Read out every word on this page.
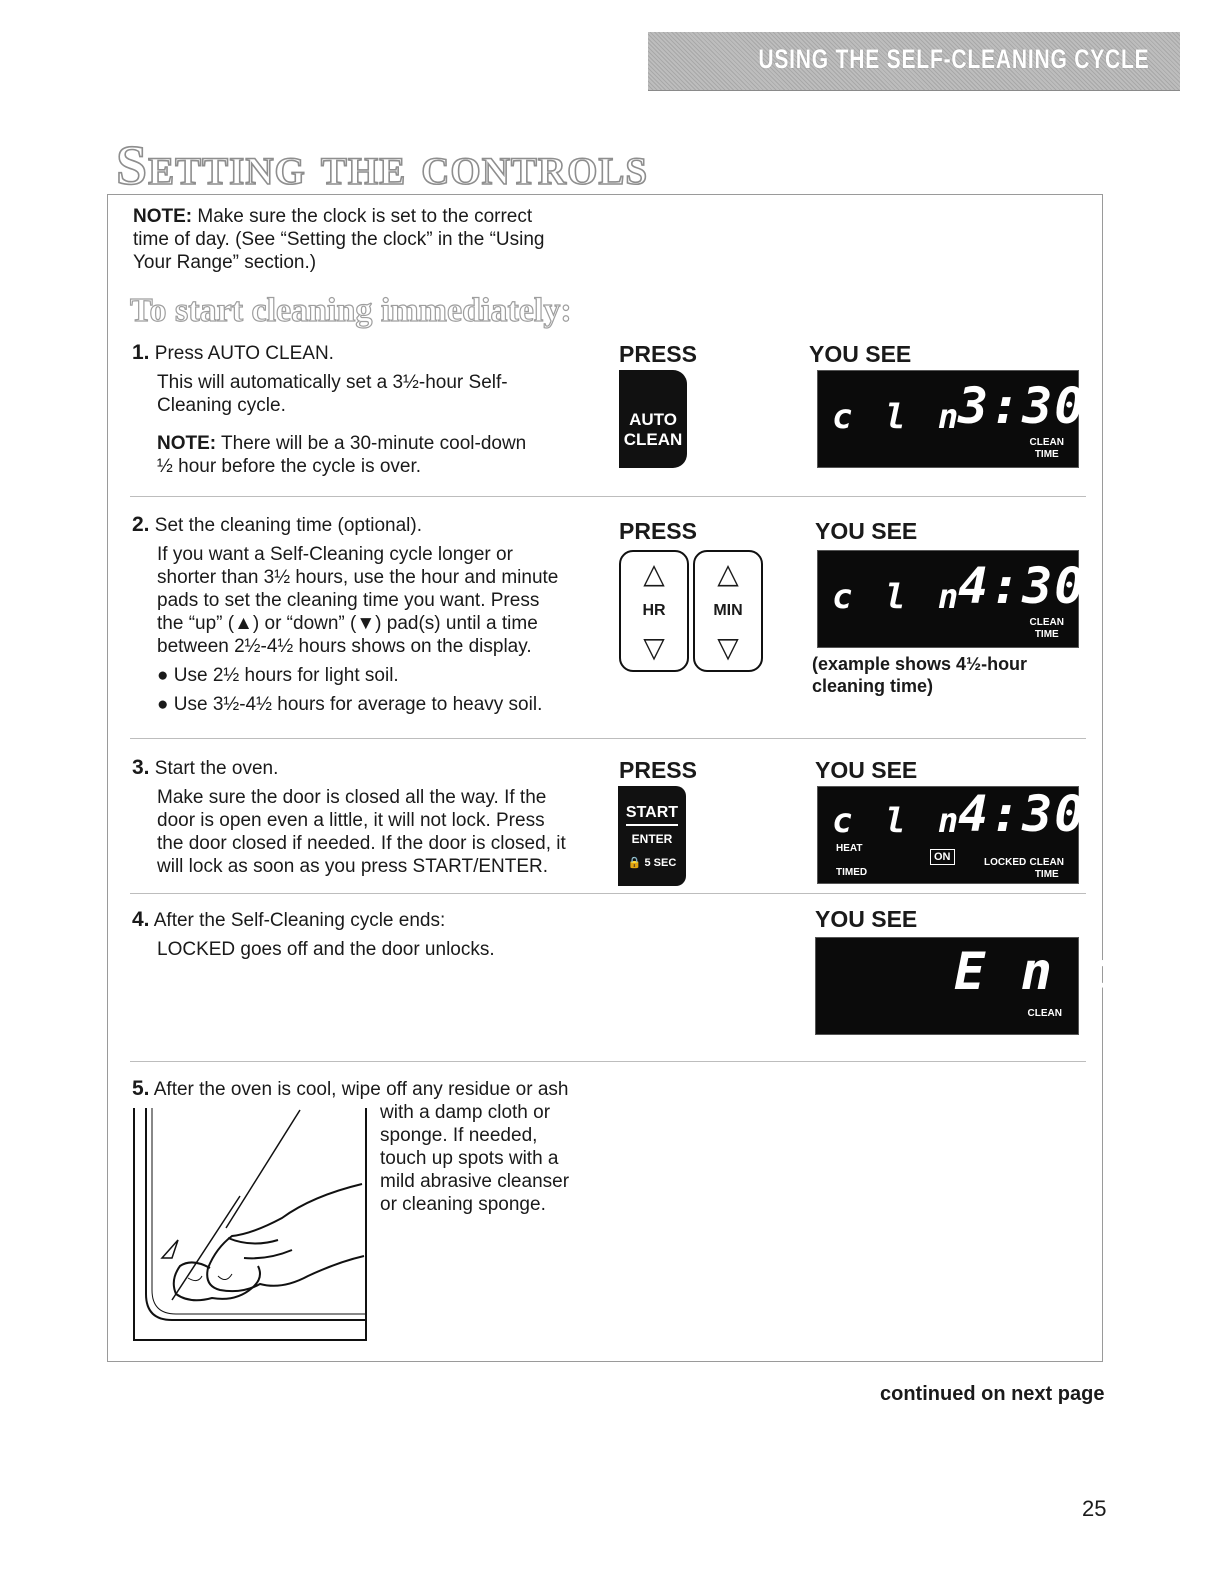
USING THE SELF-CLEANING CYCLE
Setting the controls
NOTE: Make sure the clock is set to the correct
time of day. (See “Setting the clock” in the “Using
Your Range” section.)
To start cleaning immediately:
1. Press AUTO CLEAN.
This will automatically set a 3½-hour Self-
Cleaning cycle.
NOTE: There will be a 30-minute cool-down
½ hour before the cycle is over.
PRESS	YOU SEE
AUTO
CLEAN
c l n
3:30
CLEAN
TIME
2. Set the cleaning time (optional).
If you want a Self-Cleaning cycle longer or
shorter than 3½ hours, use the hour and minute
pads to set the cleaning time you want. Press
the “up” (▲) or “down” (▼) pad(s) until a time
between 2½-4½ hours shows on the display.
● Use 2½ hours for light soil.
● Use 3½-4½ hours for average to heavy soil.
PRESS	YOU SEE
△
HR
▽
△
MIN
▽
c l n
4:30
CLEAN
TIME
(example shows 4½-hour
cleaning time)
3. Start the oven.
Make sure the door is closed all the way. If the
door is open even a little, it will not lock. Press
the door closed if needed. If the door is closed, it
will lock as soon as you press START/ENTER.
PRESS	YOU SEE
START
ENTER
🔒 5 SEC
c l n
4:30
HEAT
TIMED
ON	LOCKED CLEAN
TIME
4. After the Self-Cleaning cycle ends:
LOCKED goes off and the door unlocks.
YOU SEE
E n d
CLEAN
5. After the oven is cool, wipe off any residue or ash
with a damp cloth or
sponge. If needed,
touch up spots with a
mild abrasive cleanser
or cleaning sponge.
continued on next page
25
